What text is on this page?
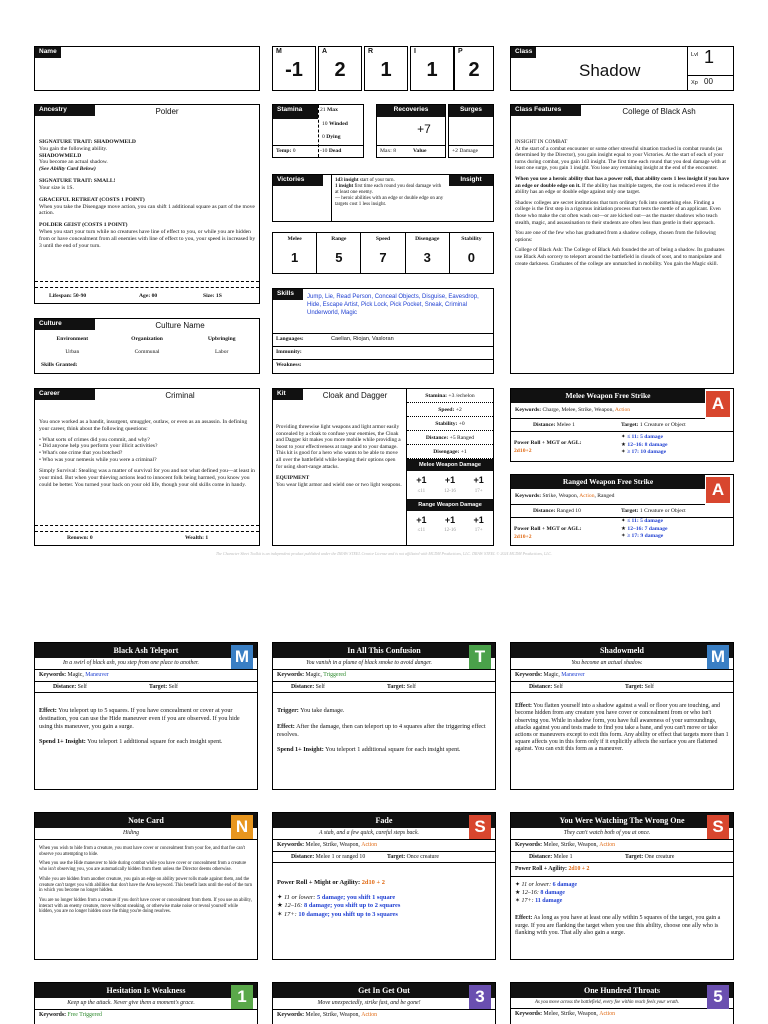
Name	M
-1
A
2
R
1
I
1
P
2
Class
Shadow
Lvl 1
Xp 00
Ancestry	Polder
SIGNATURE TRAIT: SHADOWMELD
You gain the following ability.
SHADOWMELD
You become an actual shadow.
(See Ability Card Below)
SIGNATURE TRAIT: SMALL!
Your size is 1S.
GRACEFUL RETREAT (COSTS 1 POINT)
When you take the Disengage move action, you can shift 1 additional square as part of the move action.
POLDER GEIST (COSTS 1 POINT)
When you start your turn while no creatures have line of effect to you, or while you are hidden from or have concealment from all enemies with line of effect to you, your speed is increased by 3 until the end of your turn.
Lifespan: 50-90	Age: 00	Size: 1S
Culture	Culture Name
Environment	Organization	Upbringing
Urban	Communal	Labor
Skills Granted:
Career	Criminal
You once worked as a bandit, insurgent, smuggler, outlaw, or even as an assassin. In defining your career, think about the following questions:
• What sorts of crimes did you commit, and why?
• Did anyone help you perform your illicit activities?
• What's one crime that you botched?
• Who was your nemesis while you were a criminal?
Simply Survival: Stealing was a matter of survival for you and not what defined you—at least in your mind. But when your thieving actions lead to innocent folk being harmed, you know you could be better. You turned your back on your old life, though your old skills come in handy.
Renown: 0	Wealth: 1
Stamina	21 Max
10 Winded
0 Dying
Temp: 0	-10 Dead
Recoveries
+7
Max: 8	Value
Surges
+2 Damage
Victories	1d3 insight start of your turn.
1 insight first time each round you deal damage with at least one enemy.
— heroic abilities with an edge or double edge on any targets cost 1 less insight.
Insight
Melee
1
Range
5
Speed
7
Disengage
3
Stability
0
Skills	Jump, Lie, Read Person, Conceal Objects, Disguise, Eavesdrop, Hide, Escape Artist, Pick Lock, Pick Pocket, Sneak, Criminal Underworld, Magic
Languages:	Caelian, Riojan, Vasloran
Immunity:
Weakness:
Kit	Cloak and Dagger
Providing threewise light weapons and light armor easily concealed by a cloak to confuse your enemies, the Cloak and Dagger kit makes you more mobile while providing a boost to your effectiveness at range and to your damage. This kit is good for a hero who wants to be able to move all over the battlefield while keeping their options open for using short-range attacks.
EQUIPMENT
You wear light armor and wield one or two light weapons.
Stamina: +3 /echelon
Speed: +2
Stability: +0
Distance: +5 Ranged
Disengage: +1
Melee Weapon Damage
+1	+1	+1
≤11	12-16	17+
Range Weapon Damage
+1	+1	+1
≤11	12-16	17+
Class Features	College of Black Ash
INSIGHT IN COMBAT
At the start of a combat encounter or some other stressful situation tracked in combat rounds (as determined by the Director), you gain insight equal to your Victories. At the start of each of your turns during combat, you gain 1d3 insight. The first time each round that you deal damage with at least one surge, you gain 1 insight. You lose any remaining insight at the end of the encounter.
When you use a heroic ability that has a power roll, that ability costs 1 less insight if you have an edge or double edge on it. If the ability has multiple targets, the cost is reduced even if the ability has an edge or double edge against only one target.
Shadow colleges are secret institutions that turn ordinary folk into something else. Finding a college is the first step in a rigorous initiation process that tests the mettle of an applicant. Even those who make the cut often wash out—or are kicked out—as the master shadows who teach stealth, magic, and assassination to their students are often less than gentle in their approach.
You are one of the few who has graduated from a shadow college, chosen from the following options:
College of Black Ash: The College of Black Ash founded the art of being a shadow. Its graduates use Black Ash sorcery to teleport around the battlefield in clouds of soot, and to manipulate and create darkness. Graduates of the college are unmatched in mobility. You gain the Magic skill.
Melee Weapon Free Strike	A
Keywords: Charge, Melee, Strike, Weapon, Action
Distance: Melee 1	Target: 1 Creature or Object
Power Roll + MGT or AGL:
2d10+2
✦ ≤ 11: 5 damage
★ 12–16: 8 damage
✶ ≥ 17: 10 damage
Ranged Weapon Free Strike	A
Keywords: Strike, Weapon, Action, Ranged
Distance: Ranged 10	Target: 1 Creature or Object
Power Roll + MGT or AGL:
2d10+2
✦ ≤ 11: 5 damage
★ 12–16: 7 damage
✶ ≥ 17: 9 damage
The Character Sheet Toolkit is an independent product published under the DRAW STEEL Creator License and is not affiliated with MCDM Productions, LLC. DRAW STEEL © 2024 MCDM Productions, LLC.
Black Ash Teleport	M
In a swirl of black ash, you step from one place to another.
Keywords:
Magic,
Maneuver
Distance: Self	Target: Self
Effect: You teleport up to 5 squares. If you have concealment or cover at your destination, you can use the Hide maneuver even if you are observed. If you hide using this maneuver, you gain a surge.
Spend 1+ Insight: You teleport 1 additional square for each insight spent.
In All This Confusion	T
You vanish in a plume of black smoke to avoid danger.
Keywords:
Magic,
Triggered
Distance: Self	Target: Self
Trigger: You take damage.
Effect: After the damage, then can teleport up to 4 squares after the triggering effect resolves.
Spend 1+ Insight: You teleport 1 additional square for each insight spent.
Shadowmeld	M
You become an actual shadow.
Keywords:
Magic,
Maneuver
Distance: Self	Target: Self
Effect: You flatten yourself into a shadow against a wall or floor you are touching, and become hidden from any creature you have cover or concealment from or who isn't observing you. While in shadow form, you have full awareness of your surroundings, attacks against you and tests made to find you take a bane, and you can't move or take actions or maneuvers except to exit this form. Any ability or effect that targets more than 1 square affects you in this form only if it explicitly affects the surface you are flattened against. You can exit this form as a maneuver.
Note Card	N
Hiding
When you wish to hide from a creature, you must have cover or concealment from your foe, and that foe can't observe you attempting to hide.
When you use the Hide maneuver to hide during combat while you have cover or concealment from a creature who isn't observing you, you are automatically hidden from them unless the Director deems otherwise.
While you are hidden from another creature, you gain an edge on ability power rolls made against them, and the creature can't target you with abilities that don't have the Area keyword. This benefit lasts until the end of the turn in which you become no longer hidden.
You are no longer hidden from a creature if you don't have cover or concealment from them. If you use an ability, interact with an enemy creature, move without sneaking, or otherwise make noise or reveal yourself while hidden, you are no longer hidden once the thing you're doing resolves.
Fade	S
A stab, and a few quick, careful steps back.
Keywords:
Melee, Strike, Weapon,
Action
Distance: Melee 1 or ranged 10	Target: Once creature
Power Roll + Might or Agility: 2d10 + 2
✦ 11 or lower: 5 damage; you shift 1 square
★ 12–16: 8 damage; you shift up to 2 squares
✶ 17+: 10 damage; you shift up to 3 squares
You Were Watching The Wrong One	S
They can't watch both of you at once.
Keywords:
Melee, Strike, Weapon,
Action
Distance: Melee 1	Target: One creature
Power Roll + Agility:
2d10 + 2
✦ 11 or lower: 6 damage
★ 12–16: 8 damage
✶ 17+: 11 damage
Effect: As long as you have at least one ally within 5 squares of the target, you gain a surge. If you are flanking the target when you use this ability, choose one ally who is flanking with you. That ally also gain a surge.
Hesitation Is Weakness	1
Keep up the attack. Never give them a moment's grace.
Keywords:
Free
Triggered
Get In Get Out	3
Move unexpectedly, strike fast, and be gone!
Keywords:
Melee, Strike, Weapon,
Action
One Hundred Throats	5
As you move across the battlefield, every foe within reach feels your wrath.
Keywords:
Melee, Strike, Weapon,
Action
